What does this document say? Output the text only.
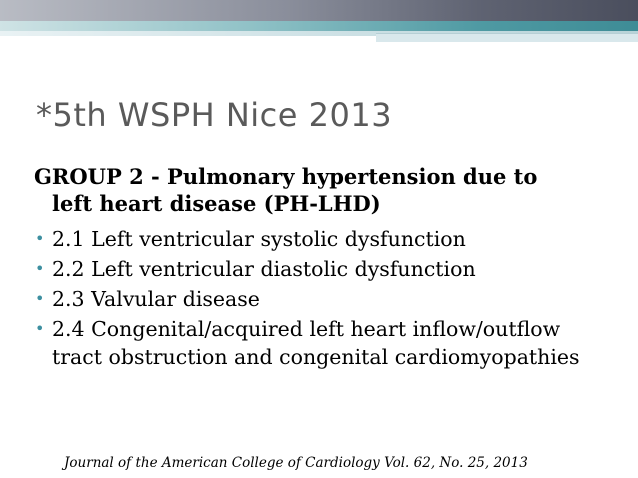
*5th WSPH Nice 2013
GROUP 2 - Pulmonary hypertension due to
left heart disease (PH-LHD)
• 2.1 Left ventricular systolic dysfunction
• 2.2 Left ventricular diastolic dysfunction
• 2.3 Valvular disease
• 2.4 Congenital/acquired left heart inflow/outflow
tract obstruction and congenital cardiomyopathies
Journal of the American College of Cardiology Vol. 62, No. 25, 2013
